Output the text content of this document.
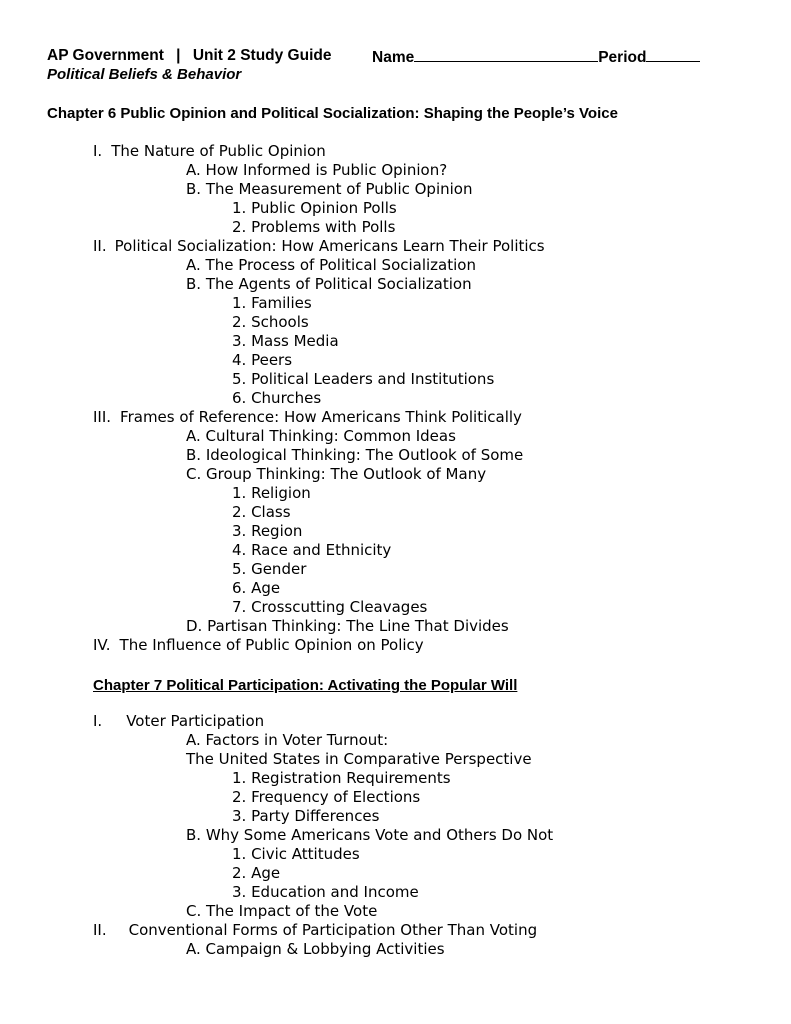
AP Government | Unit 2 Study Guide	Name	Period
Political Beliefs & Behavior
Chapter 6 Public Opinion and Political Socialization: Shaping the People’s Voice
I. The Nature of Public Opinion
A. How Informed is Public Opinion?
B. The Measurement of Public Opinion
1. Public Opinion Polls
2. Problems with Polls
II. Political Socialization: How Americans Learn Their Politics
A. The Process of Political Socialization
B. The Agents of Political Socialization
1. Families
2. Schools
3. Mass Media
4. Peers
5. Political Leaders and Institutions
6. Churches
III. Frames of Reference: How Americans Think Politically
A. Cultural Thinking: Common Ideas
B. Ideological Thinking: The Outlook of Some
C. Group Thinking: The Outlook of Many
1. Religion
2. Class
3. Region
4. Race and Ethnicity
5. Gender
6. Age
7. Crosscutting Cleavages
D. Partisan Thinking: The Line That Divides
IV. The Influence of Public Opinion on Policy
Chapter 7 Political Participation: Activating the Popular Will
I. Voter Participation
A. Factors in Voter Turnout:
The United States in Comparative Perspective
1. Registration Requirements
2. Frequency of Elections
3. Party Differences
B. Why Some Americans Vote and Others Do Not
1. Civic Attitudes
2. Age
3. Education and Income
C. The Impact of the Vote
II. Conventional Forms of Participation Other Than Voting
A. Campaign & Lobbying Activities
